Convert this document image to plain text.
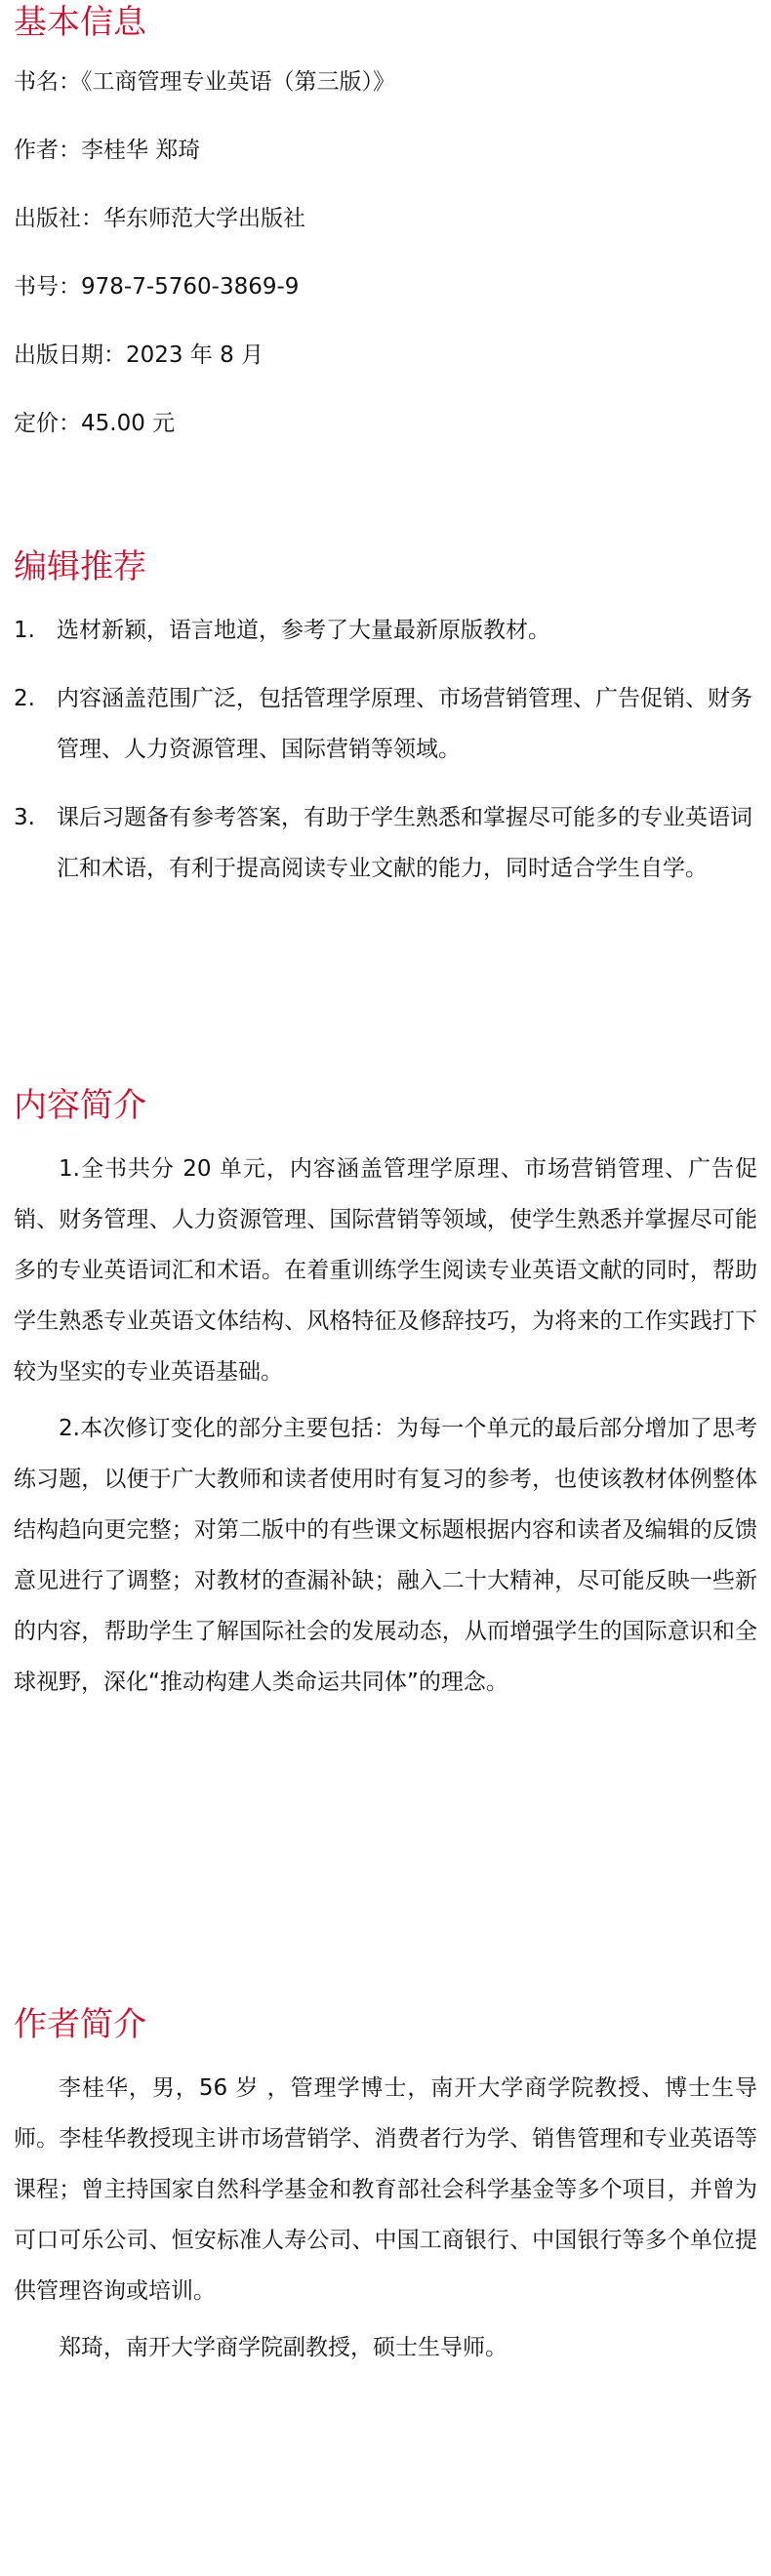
基本信息

书名：《工商管理专业英语（第三版）》

作者：李桂华 郑琦

出版社：华东师范大学出版社

书号：978-7-5760-3869-9

出版日期：2023 年 8 月

定价：45.00 元

编辑推荐
1. 选材新颖，语言地道，参考了大量最新原版教材。
2. 内容涵盖范围广泛，包括管理学原理、市场营销管理、广告促销、财务管理、人力资源管理、国际营销等领域。
3. 课后习题备有参考答案，有助于学生熟悉和掌握尽可能多的专业英语词汇和术语，有利于提高阅读专业文献的能力，同时适合学生自学。
内容简介

1.全书共分 20 单元，内容涵盖管理学原理、市场营销管理、广告促销、财务管理、人力资源管理、国际营销等领域，使学生熟悉并掌握尽可能多的专业英语词汇和术语。在着重训练学生阅读专业英语文献的同时，帮助学生熟悉专业英语文体结构、风格特征及修辞技巧，为将来的工作实践打下较为坚实的专业英语基础。

2.本次修订变化的部分主要包括：为每一个单元的最后部分增加了思考练习题，以便于广大教师和读者使用时有复习的参考，也使该教材体例整体结构趋向更完整；对第二版中的有些课文标题根据内容和读者及编辑的反馈意见进行了调整；对教材的查漏补缺；融入二十大精神，尽可能反映一些新的内容，帮助学生了解国际社会的发展动态，从而增强学生的国际意识和全球视野，深化“推动构建人类命运共同体”的理念。

作者简介

李桂华，男，56 岁 ，管理学博士，南开大学商学院教授、博士生导师。李桂华教授现主讲市场营销学、消费者行为学、销售管理和专业英语等课程；曾主持国家自然科学基金和教育部社会科学基金等多个项目，并曾为可口可乐公司、恒安标准人寿公司、中国工商银行、中国银行等多个单位提供管理咨询或培训。

郑琦，南开大学商学院副教授，硕士生导师。
